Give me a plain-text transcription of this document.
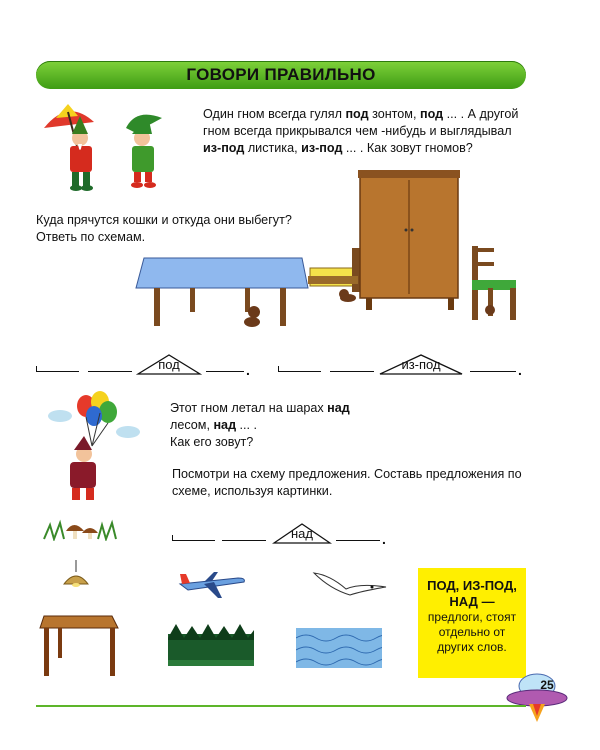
ГОВОРИ ПРАВИЛЬНО
Один гном всегда гулял под зонтом, под ... . А другой
гном всегда прикрывался чем -нибудь и выглядывал
из-под листика, из-под ... . Как зовут гномов?
Куда прячутся кошки и откуда они выбегут?
Ответь по схемам.
под	.	из-под	.
Этот гном летал на шарах над
лесом, над ... .
Как его зовут?
Посмотри на схему предложения. Составь предложения по
схеме, используя картинки.
над	.
ПОД, ИЗ-ПОД, НАД —
предлоги, стоят
отдельно от
других слов.
25
